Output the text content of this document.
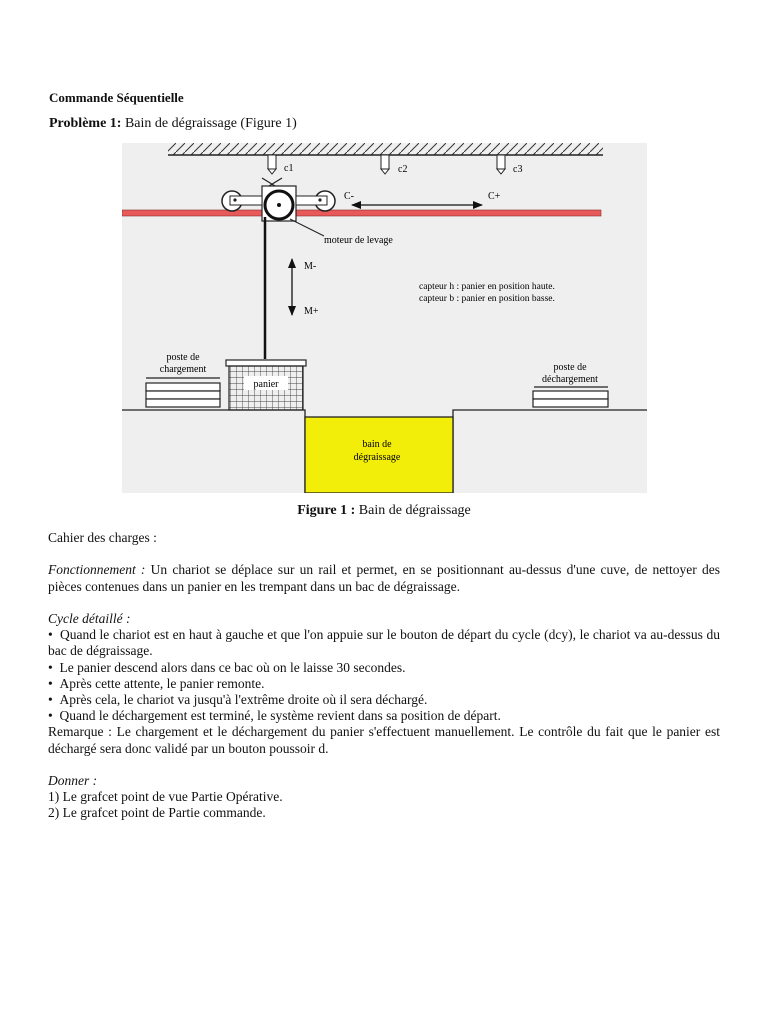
Commande Séquentielle
Problème 1: Bain de dégraissage (Figure 1)
c1	c2	c3
moteur de levage
C-	C+
M-
M+
capteur h : panier en position haute.
capteur b : panier en position basse.
poste de
chargement
panier
bain de
dégraissage
poste de
déchargement
Figure 1 : Bain de dégraissage

Cahier des charges :

Fonctionnement : Un chariot se déplace sur un rail et permet, en se positionnant au-dessus d'une cuve, de nettoyer des pièces contenues dans un panier en les trempant dans un bac de dégraissage.

Cycle détaillé :

•  Quand le chariot est en haut à gauche et que l'on appuie sur le bouton de départ du cycle (dcy), le chariot va au-dessus du bac de dégraissage.

•  Le panier descend alors dans ce bac où on le laisse 30 secondes.

•  Après cette attente, le panier remonte.

•  Après cela, le chariot va jusqu'à l'extrême droite où il sera déchargé.

•  Quand le déchargement est terminé, le système revient dans sa position de départ.

Remarque : Le chargement et le déchargement du panier s'effectuent manuellement. Le contrôle du fait que le panier est déchargé sera donc validé par un bouton poussoir d.

Donner :

1) Le grafcet point de vue Partie Opérative.

2) Le grafcet point de Partie commande.
